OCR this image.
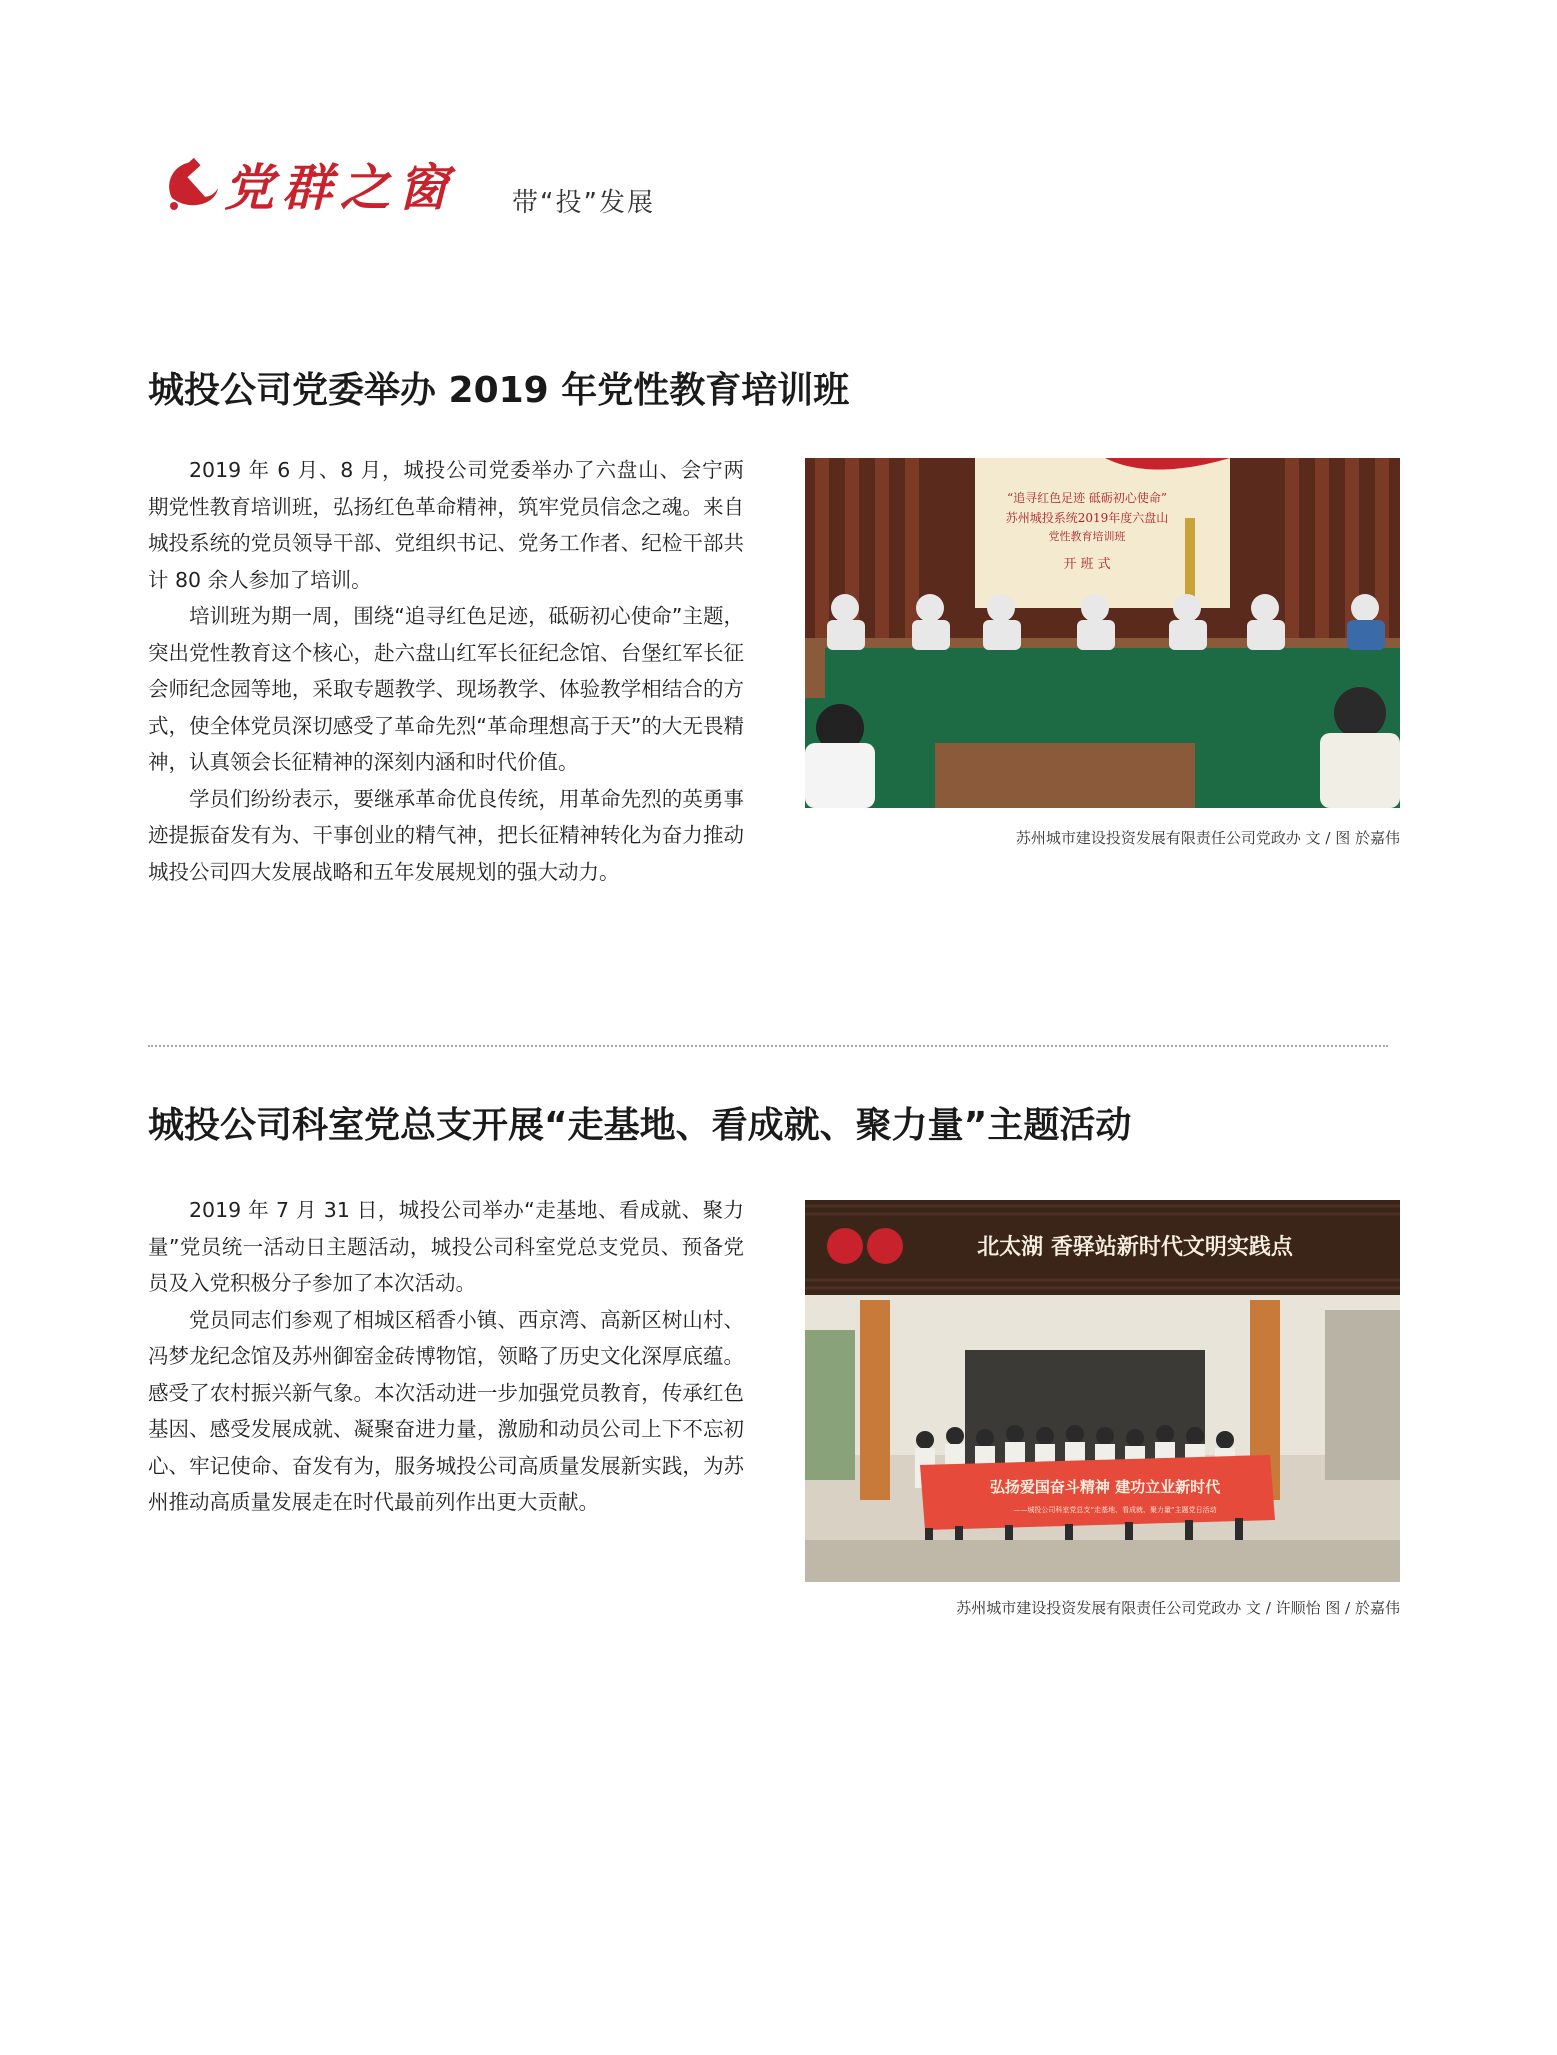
党群之窗 带“投”发展
城投公司党委举办 2019 年党性教育培训班

2019 年 6 月、8 月，城投公司党委举办了六盘山、会宁两期党性教育培训班，弘扬红色革命精神，筑牢党员信念之魂。来自城投系统的党员领导干部、党组织书记、党务工作者、纪检干部共计 80 余人参加了培训。

培训班为期一周，围绕“追寻红色足迹，砥砺初心使命”主题，突出党性教育这个核心，赴六盘山红军长征纪念馆、台堡红军长征会师纪念园等地，采取专题教学、现场教学、体验教学相结合的方式，使全体党员深切感受了革命先烈“革命理想高于天”的大无畏精神，认真领会长征精神的深刻内涵和时代价值。

学员们纷纷表示，要继承革命优良传统，用革命先烈的英勇事迹提振奋发有为、干事创业的精气神，把长征精神转化为奋力推动城投公司四大发展战略和五年发展规划的强大动力。

“追寻红色足迹 砥砺初心使命”
苏州城投系统2019年度六盘山
党性教育培训班
开 班 式
苏州城市建设投资发展有限责任公司党政办 文 / 图 於嘉伟
城投公司科室党总支开展“走基地、看成就、聚力量”主题活动

2019 年 7 月 31 日，城投公司举办“走基地、看成就、聚力量”党员统一活动日主题活动，城投公司科室党总支党员、预备党员及入党积极分子参加了本次活动。

党员同志们参观了相城区稻香小镇、西京湾、高新区树山村、冯梦龙纪念馆及苏州御窑金砖博物馆，领略了历史文化深厚底蕴。感受了农村振兴新气象。本次活动进一步加强党员教育，传承红色基因、感受发展成就、凝聚奋进力量，激励和动员公司上下不忘初心、牢记使命、奋发有为，服务城投公司高质量发展新实践，为苏州推动高质量发展走在时代最前列作出更大贡献。

北太湖 香驿站新时代文明实践点
弘扬爱国奋斗精神 建功立业新时代
——城投公司科室党总支“走基地、看成就、聚力量”主题党日活动
苏州城市建设投资发展有限责任公司党政办 文 / 许顺怡 图 / 於嘉伟
